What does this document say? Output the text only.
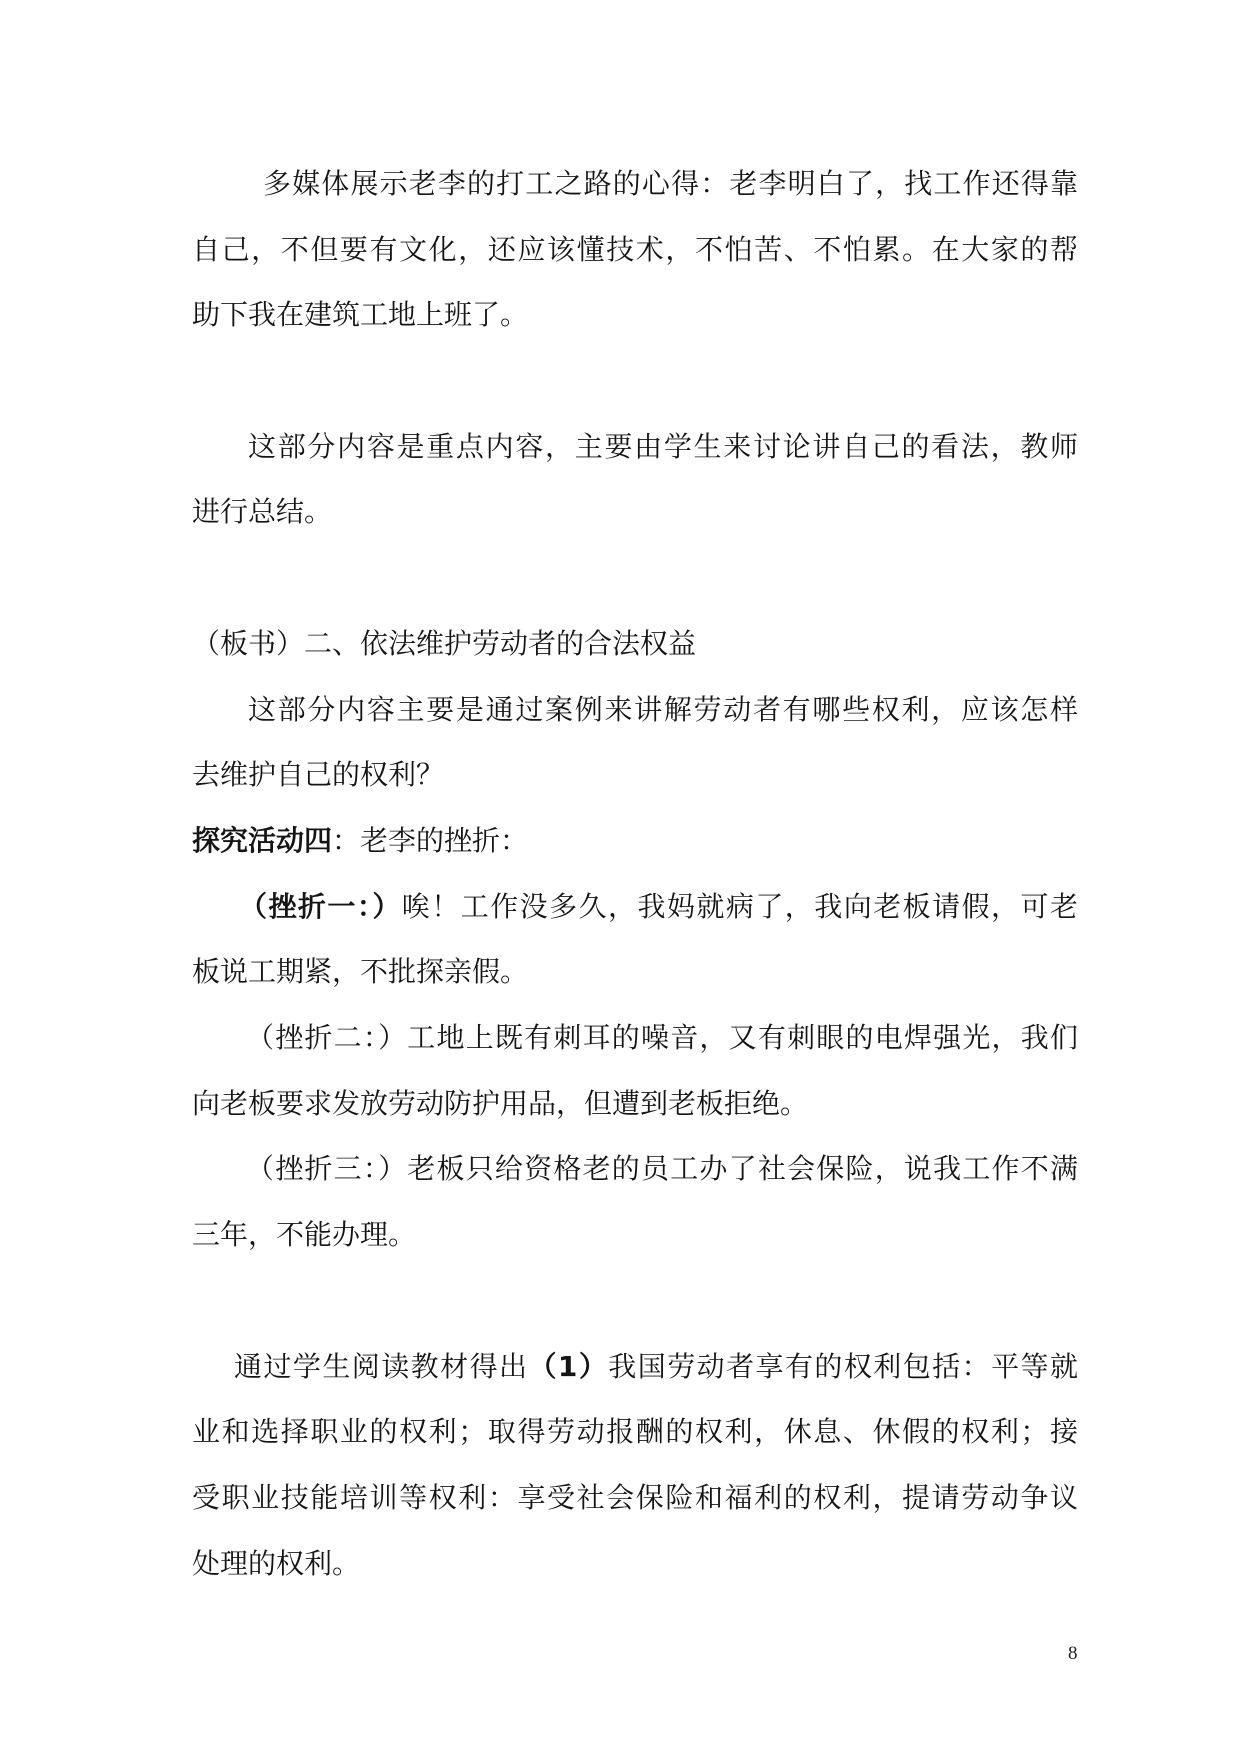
多媒体展示老李的打工之路的心得：老李明白了，找工作还得靠
自己，不但要有文化，还应该懂技术，不怕苦、不怕累。在大家的帮
助下我在建筑工地上班了。
这部分内容是重点内容，主要由学生来讨论讲自己的看法，教师
进行总结。
（板书）二、依法维护劳动者的合法权益
这部分内容主要是通过案例来讲解劳动者有哪些权利，应该怎样
去维护自己的权利？
探究活动四：老李的挫折：
（挫折一：）唉！工作没多久，我妈就病了，我向老板请假，可老
板说工期紧，不批探亲假。
（挫折二：）工地上既有刺耳的噪音，又有刺眼的电焊强光，我们
向老板要求发放劳动防护用品，但遭到老板拒绝。
（挫折三：）老板只给资格老的员工办了社会保险，说我工作不满
三年，不能办理。
通过学生阅读教材得出（1）我国劳动者享有的权利包括：平等就
业和选择职业的权利；取得劳动报酬的权利，休息、休假的权利；接
受职业技能培训等权利：享受社会保险和福利的权利，提请劳动争议
处理的权利。
8
